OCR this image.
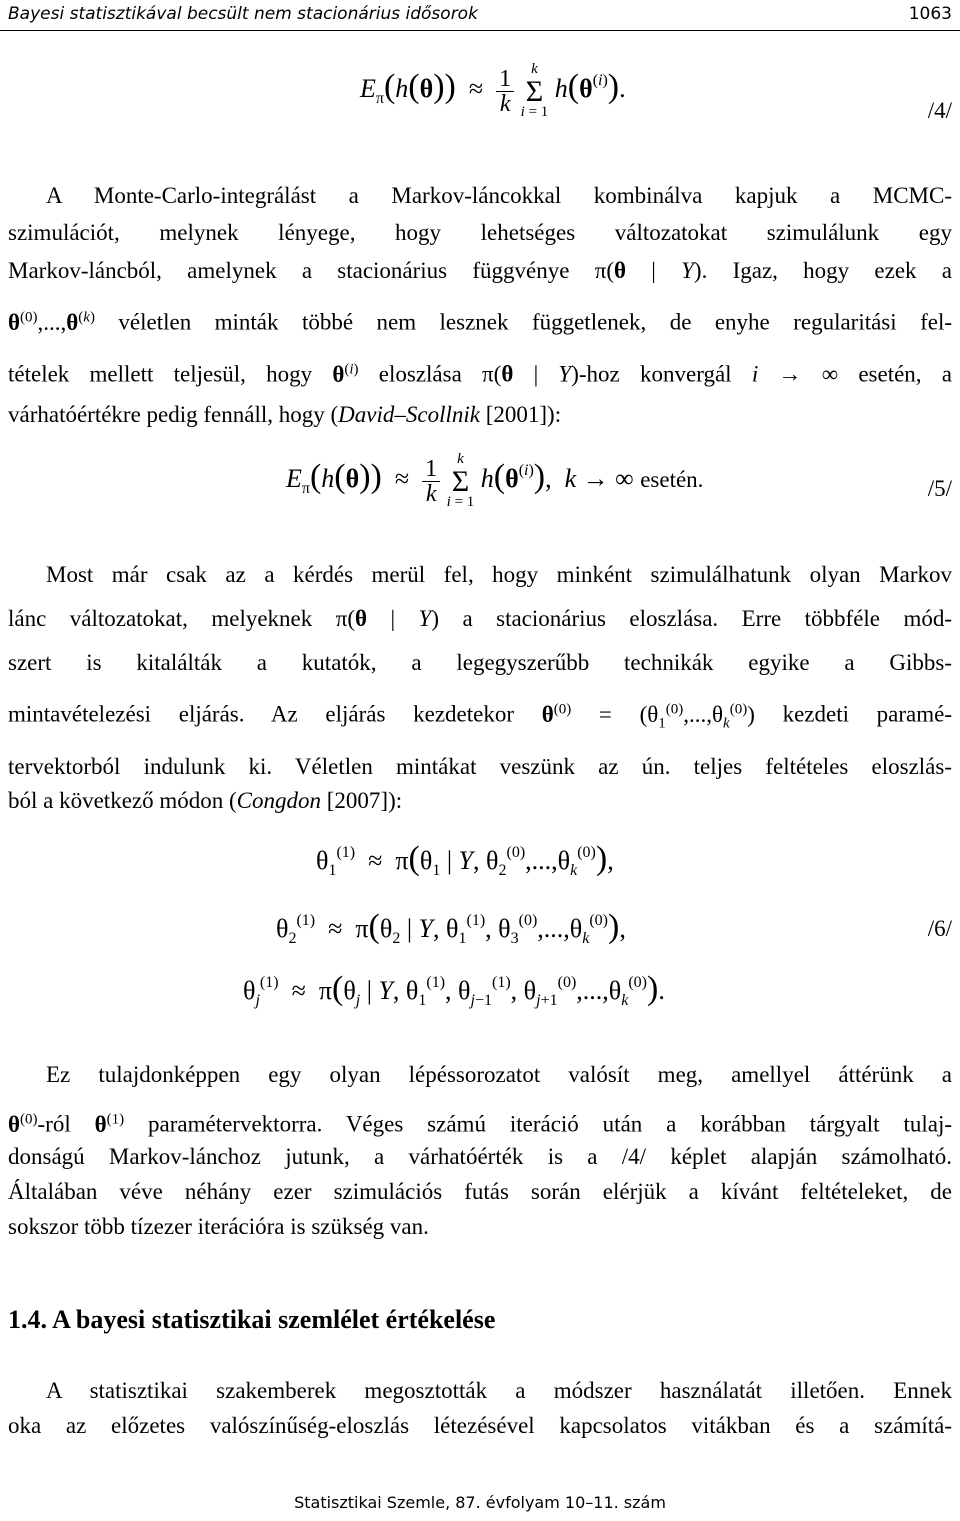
Bayesi statisztikával becsült nem stacionárius idősorok	1063
$E_\pi(h(\theta)) \approx \frac{1}{k}$ k
Σ
i = 1 $h(\theta^{(i)})$.
/4/
A Monte-Carlo-integrálást a Markov-láncokkal kombinálva kapjuk a MCMC-
szimulációt, melynek lényege, hogy lehetséges változatokat szimulálunk egy
Markov-láncból, amelynek a stacionárius függvénye π(θ | Y). Igaz, hogy ezek a
$\theta^{(0)},...,\theta^{(k)}$ véletlen minták többé nem lesznek függetlenek, de enyhe regularitási fel-
tételek mellett teljesül, hogy $\theta^{(i)}$ eloszlása π(θ | Y)-hoz konvergál i → ∞ esetén, a
várhatóértékre pedig fennáll, hogy (David–Scollnik [2001]):
$E_\pi(h(\theta)) \approx \frac{1}{k}$ k
Σ
i = 1 $h(\theta^{(i)})$,  k → ∞ esetén.	/5/
Most már csak az a kérdés merül fel, hogy minként szimulálhatunk olyan Markov
lánc változatokat, melyeknek π(θ | Y) a stacionárius eloszlása. Erre többféle mód-
szert is kitalálták a kutatók, a legegyszerűbb technikák egyike a Gibbs-
mintavételezési eljárás. Az eljárás kezdetekor $\theta^{(0)} = (\theta_1^{(0)},...,\theta_k^{(0)})$ kezdeti paramé-
tervektorból indulunk ki. Véletlen mintákat veszünk az ún. teljes feltételes eloszlás-
ból a következő módon (Congdon [2007]):
$\theta_1^{(1)} \approx \pi(\theta_1$ | Y, $\theta_2^{(0)},...,\theta_k^{(0)}$),
$\theta_2^{(1)} \approx \pi(\theta_2$ | Y, $\theta_1^{(1)}$, $\theta_3^{(0)},...,\theta_k^{(0)}$),	/6/
$\theta_j^{(1)} \approx \pi(\theta_j$ | Y, $\theta_1^{(1)}$, $\theta_{j-1}^{(1)}$, $\theta_{j+1}^{(0)},...,\theta_k^{(0)}$).
Ez tulajdonképpen egy olyan lépéssorozatot valósít meg, amellyel áttérünk a
$\theta^{(0)}$-ról $\theta^{(1)}$ paramétervektorra. Véges számú iteráció után a korábban tárgyalt tulaj-
donságú Markov-lánchoz jutunk, a várhatóérték is a /4/ képlet alapján számolható.
Általában véve néhány ezer szimulációs futás során elérjük a kívánt feltételeket, de
sokszor több tízezer iterációra is szükség van.
1.4. A bayesi statisztikai szemlélet értékelése
A statisztikai szakemberek megosztották a módszer használatát illetően. Ennek
oka az előzetes valószínűség-eloszlás létezésével kapcsolatos vitákban és a számítá-
Statisztikai Szemle, 87. évfolyam 10–11. szám
